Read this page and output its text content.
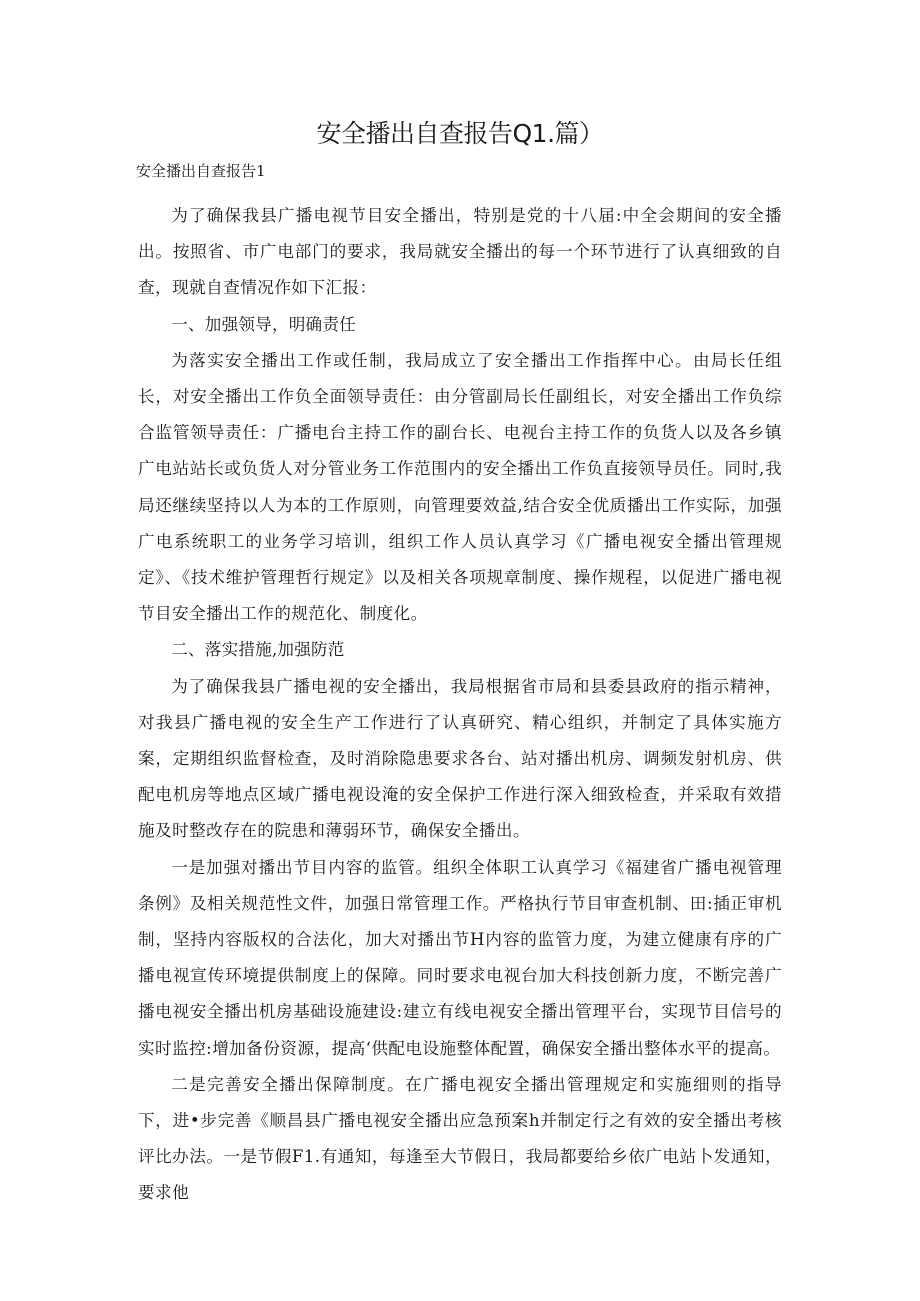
安全播出自查报告Q1.篇）

安全播出自查报告1

为了确保我县广播电视节目安全播出，特别是党的十八届:中全会期间的安全播出。按照省、市广电部门的要求，我局就安全播出的每一个环节进行了认真细致的自查，现就自查情况作如下汇报：

一、加强领导，明确责任

为落实安全播出工作或任制，我局成立了安全播出工作指挥中心。由局长任组长，对安全播出工作负全面领导责任：由分管副局长任副组长，对安全播出工作负综合监管领导责任：广播电台主持工作的副台长、电视台主持工作的负货人以及各乡镇广电站站长或负货人对分管业务工作范围内的安全播出工作负直接领导员任。同时,我局还继续坚持以人为本的工作原则，向管理要效益,结合安全优质播出工作实际，加强广电系统职工的业务学习培训，组织工作人员认真学习《广播电视安全播出管理规定》、《技术维护管理哲行规定》以及相关各项规章制度、操作规程，以促进广播电视节目安全播出工作的规范化、制度化。

二、落实措施,加强防范

为了确保我县广播电视的安全播出，我局根据省市局和县委县政府的指示精神，对我县广播电视的安全生产工作进行了认真研究、精心组织，并制定了具体实施方案，定期组织监督检查，及时消除隐患要求各台、站对播出机房、调频发射机房、供配电机房等地点区域广播电视设淹的安全保护工作进行深入细致检查，并采取有效措施及时整改存在的院患和薄弱环节，确保安全播出。

一是加强对播出节目内容的监管。组织全体职工认真学习《福建省广播电视管理条例》及相关规范性文件，加强日常管理工作。严格执行节目审查机制、田:插正审机制，坚持内容版权的合法化，加大对播出节H内容的监管力度，为建立健康有序的广播电视宣传环境提供制度上的保障。同时要求电视台加大科技创新力度，不断完善广播电视安全播出机房基础设施建设:建立有线电视安全播出管理平台，实现节目信号的实时监控:增加备份资源，提高‘供配电设施整体配置，确保安全播出整体水平的提高。

二是完善安全播出保障制度。在广播电视安全播出管理规定和实施细则的指导下，进•步完善《顺昌县广播电视安全播出应急预案h并制定行之有效的安全播出考核评比办法。一是节假F1.有通知，每逢至大节假日，我局都要给乡依广电站卜发通知，要求他
